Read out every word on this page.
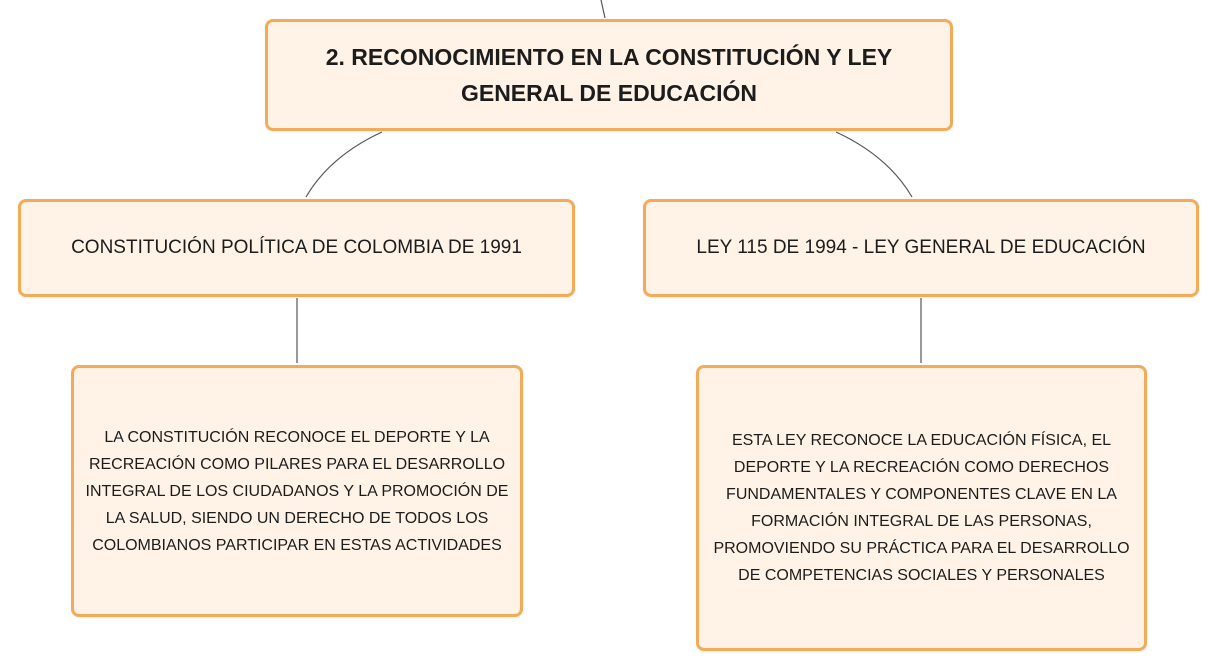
2. RECONOCIMIENTO EN LA CONSTITUCIÓN Y LEY GENERAL DE EDUCACIÓN
CONSTITUCIÓN POLÍTICA DE COLOMBIA DE 1991	LEY 115 DE 1994 - LEY GENERAL DE EDUCACIÓN
LA CONSTITUCIÓN RECONOCE EL DEPORTE Y LA RECREACIÓN COMO PILARES PARA EL DESARROLLO INTEGRAL DE LOS CIUDADANOS Y LA PROMOCIÓN DE LA SALUD, SIENDO UN DERECHO DE TODOS LOS COLOMBIANOS PARTICIPAR EN ESTAS ACTIVIDADES
ESTA LEY RECONOCE LA EDUCACIÓN FÍSICA, EL DEPORTE Y LA RECREACIÓN COMO DERECHOS FUNDAMENTALES Y COMPONENTES CLAVE EN LA FORMACIÓN INTEGRAL DE LAS PERSONAS, PROMOVIENDO SU PRÁCTICA PARA EL DESARROLLO DE COMPETENCIAS SOCIALES Y PERSONALES
